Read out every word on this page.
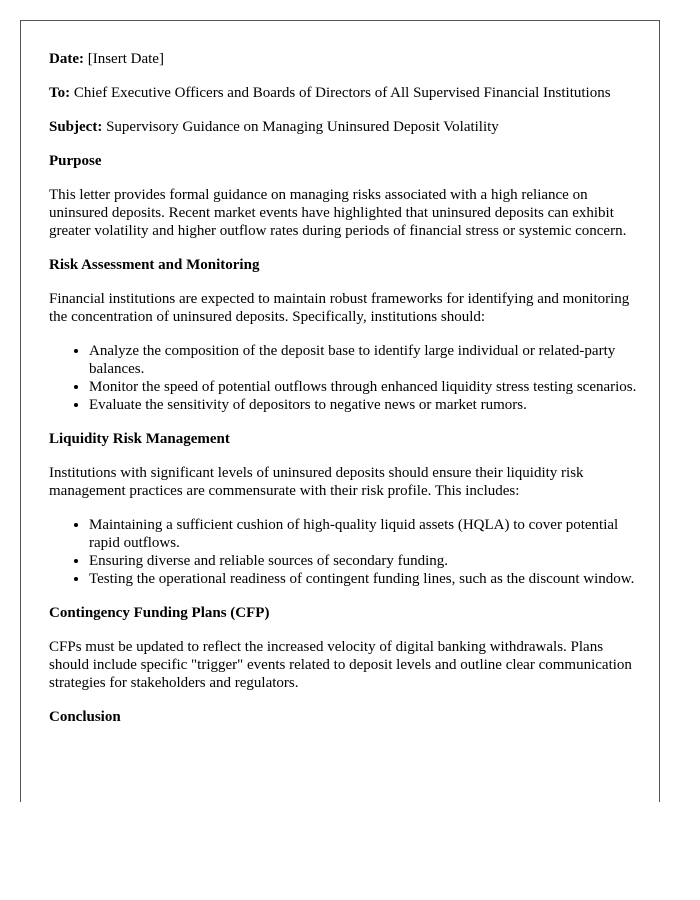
Date: [Insert Date]

To: Chief Executive Officers and Boards of Directors of All Supervised Financial Institutions

Subject: Supervisory Guidance on Managing Uninsured Deposit Volatility

Purpose

This letter provides formal guidance on managing risks associated with a high reliance on uninsured deposits. Recent market events have highlighted that uninsured deposits can exhibit greater volatility and higher outflow rates during periods of financial stress or systemic concern.

Risk Assessment and Monitoring

Financial institutions are expected to maintain robust frameworks for identifying and monitoring the concentration of uninsured deposits. Specifically, institutions should:

• Analyze the composition of the deposit base to identify large individual or related-party balances.
• Monitor the speed of potential outflows through enhanced liquidity stress testing scenarios.
• Evaluate the sensitivity of depositors to negative news or market rumors.
Liquidity Risk Management

Institutions with significant levels of uninsured deposits should ensure their liquidity risk management practices are commensurate with their risk profile. This includes:

• Maintaining a sufficient cushion of high-quality liquid assets (HQLA) to cover potential rapid outflows.
• Ensuring diverse and reliable sources of secondary funding.
• Testing the operational readiness of contingent funding lines, such as the discount window.
Contingency Funding Plans (CFP)

CFPs must be updated to reflect the increased velocity of digital banking withdrawals. Plans should include specific "trigger" events related to deposit levels and outline clear communication strategies for stakeholders and regulators.

Conclusion
